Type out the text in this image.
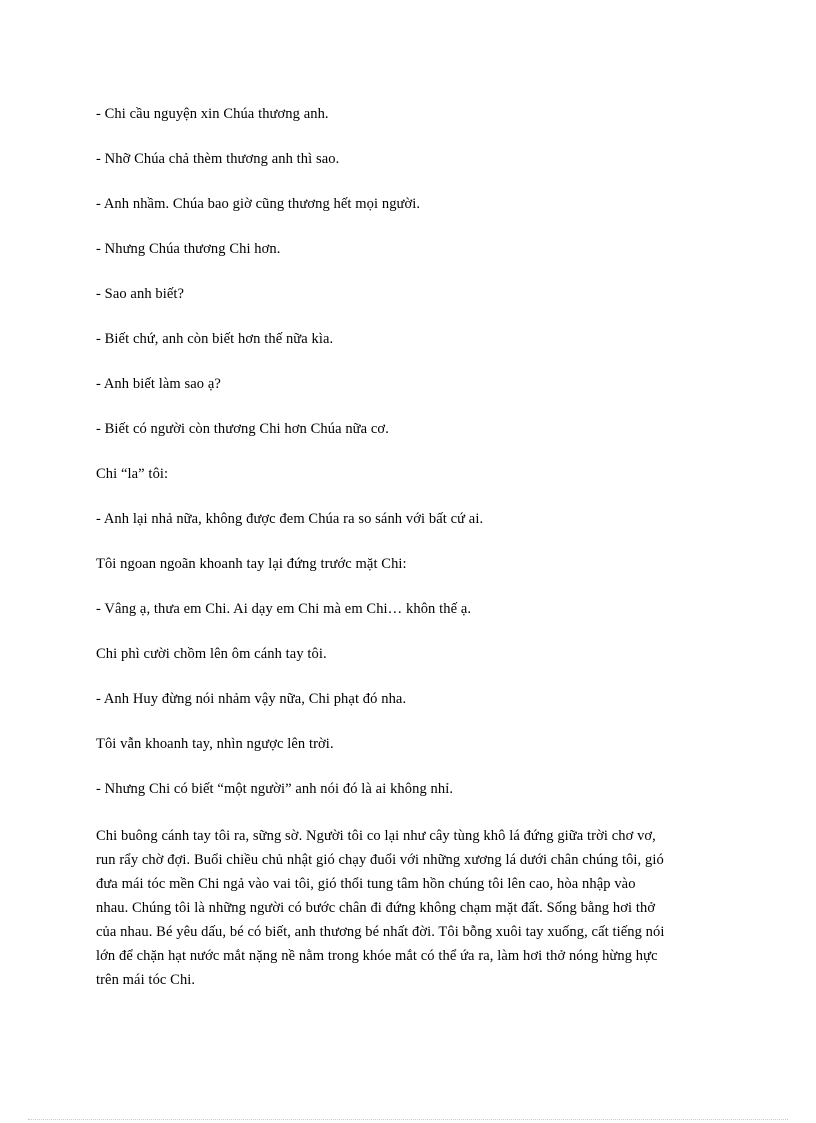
- Chi cầu nguyện xin Chúa thương anh.
- Nhỡ Chúa chả thèm thương anh thì sao.
- Anh nhầm. Chúa bao giờ cũng thương hết mọi người.
- Nhưng Chúa thương Chi hơn.
- Sao anh biết?
- Biết chứ, anh còn biết hơn thế nữa kìa.
- Anh biết làm sao ạ?
- Biết có người còn thương Chi hơn Chúa nữa cơ.
Chi “la” tôi:
- Anh lại nhả nữa, không được đem Chúa ra so sánh với bất cứ ai.
Tôi ngoan ngoãn khoanh tay lại đứng trước mặt Chi:
- Vâng ạ, thưa em Chi. Ai dạy em Chi mà em Chi… khôn thế ạ.
Chi phì cười chồm lên ôm cánh tay tôi.
- Anh Huy đừng nói nhảm vậy nữa, Chi phạt đó nha.
Tôi vẫn khoanh tay, nhìn ngược lên trời.
- Nhưng Chi có biết “một người” anh nói đó là ai không nhỉ.
Chi buông cánh tay tôi ra, sững sờ. Người tôi co lại như cây tùng khô lá đứng giữa trời chơ vơ,
run rẩy chờ đợi. Buổi chiều chủ nhật gió chạy đuổi với những xương lá dưới chân chúng tôi, gió
đưa mái tóc mền Chi ngả vào vai tôi, gió thổi tung tâm hồn chúng tôi lên cao, hòa nhập vào
nhau. Chúng tôi là những người có bước chân đi đứng không chạm mặt đất. Sống bằng hơi thở
của nhau. Bé yêu dấu, bé có biết, anh thương bé nhất đời. Tôi bỗng xuôi tay xuống, cất tiếng nói
lớn để chặn hạt nước mắt nặng nề nằm trong khóe mắt có thể ứa ra, làm hơi thở nóng hừng hực
trên mái tóc Chi.
